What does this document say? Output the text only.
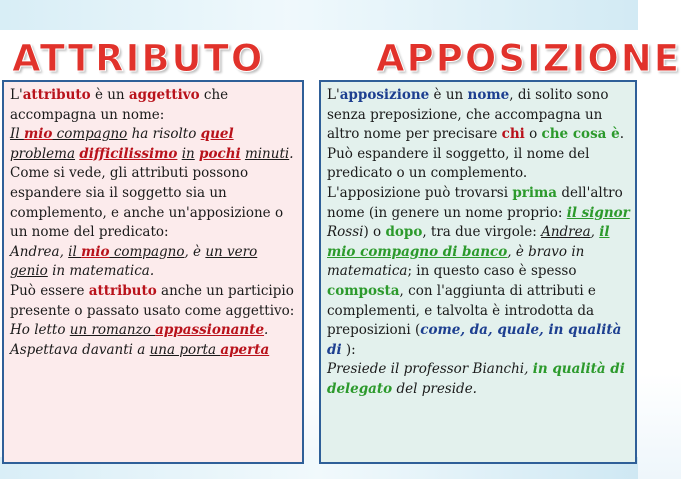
ATTRIBUTO	APPOSIZIONE

L'attributo è un aggettivo che accompagna un nome:

Il mio compagno ha risolto quel problema difficilissimo in pochi minuti.

Come si vede, gli attributi possono espandere sia il soggetto sia un complemento, e anche un'apposizione o un nome del predicato:

Andrea, il mio compagno, è un vero genio in matematica.

Può essere attributo anche un participio presente o passato usato come aggettivo:

Ho letto un romanzo appassionante.

Aspettava davanti a una porta aperta

L'apposizione è un nome, di solito sono senza preposizione, che accompagna un altro nome per precisare chi o che cosa è. Può espandere il soggetto, il nome del predicato o un complemento.

L'apposizione può trovarsi prima dell'altro nome (in genere un nome proprio: il signor Rossi) o dopo, tra due virgole: Andrea, il mio compagno di banco, è bravo in matematica; in questo caso è spesso composta, con l'aggiunta di attributi e complementi, e talvolta è introdotta da preposizioni (come, da, quale, in qualità di ):

Presiede il professor Bianchi, in qualità di delegato del preside.
